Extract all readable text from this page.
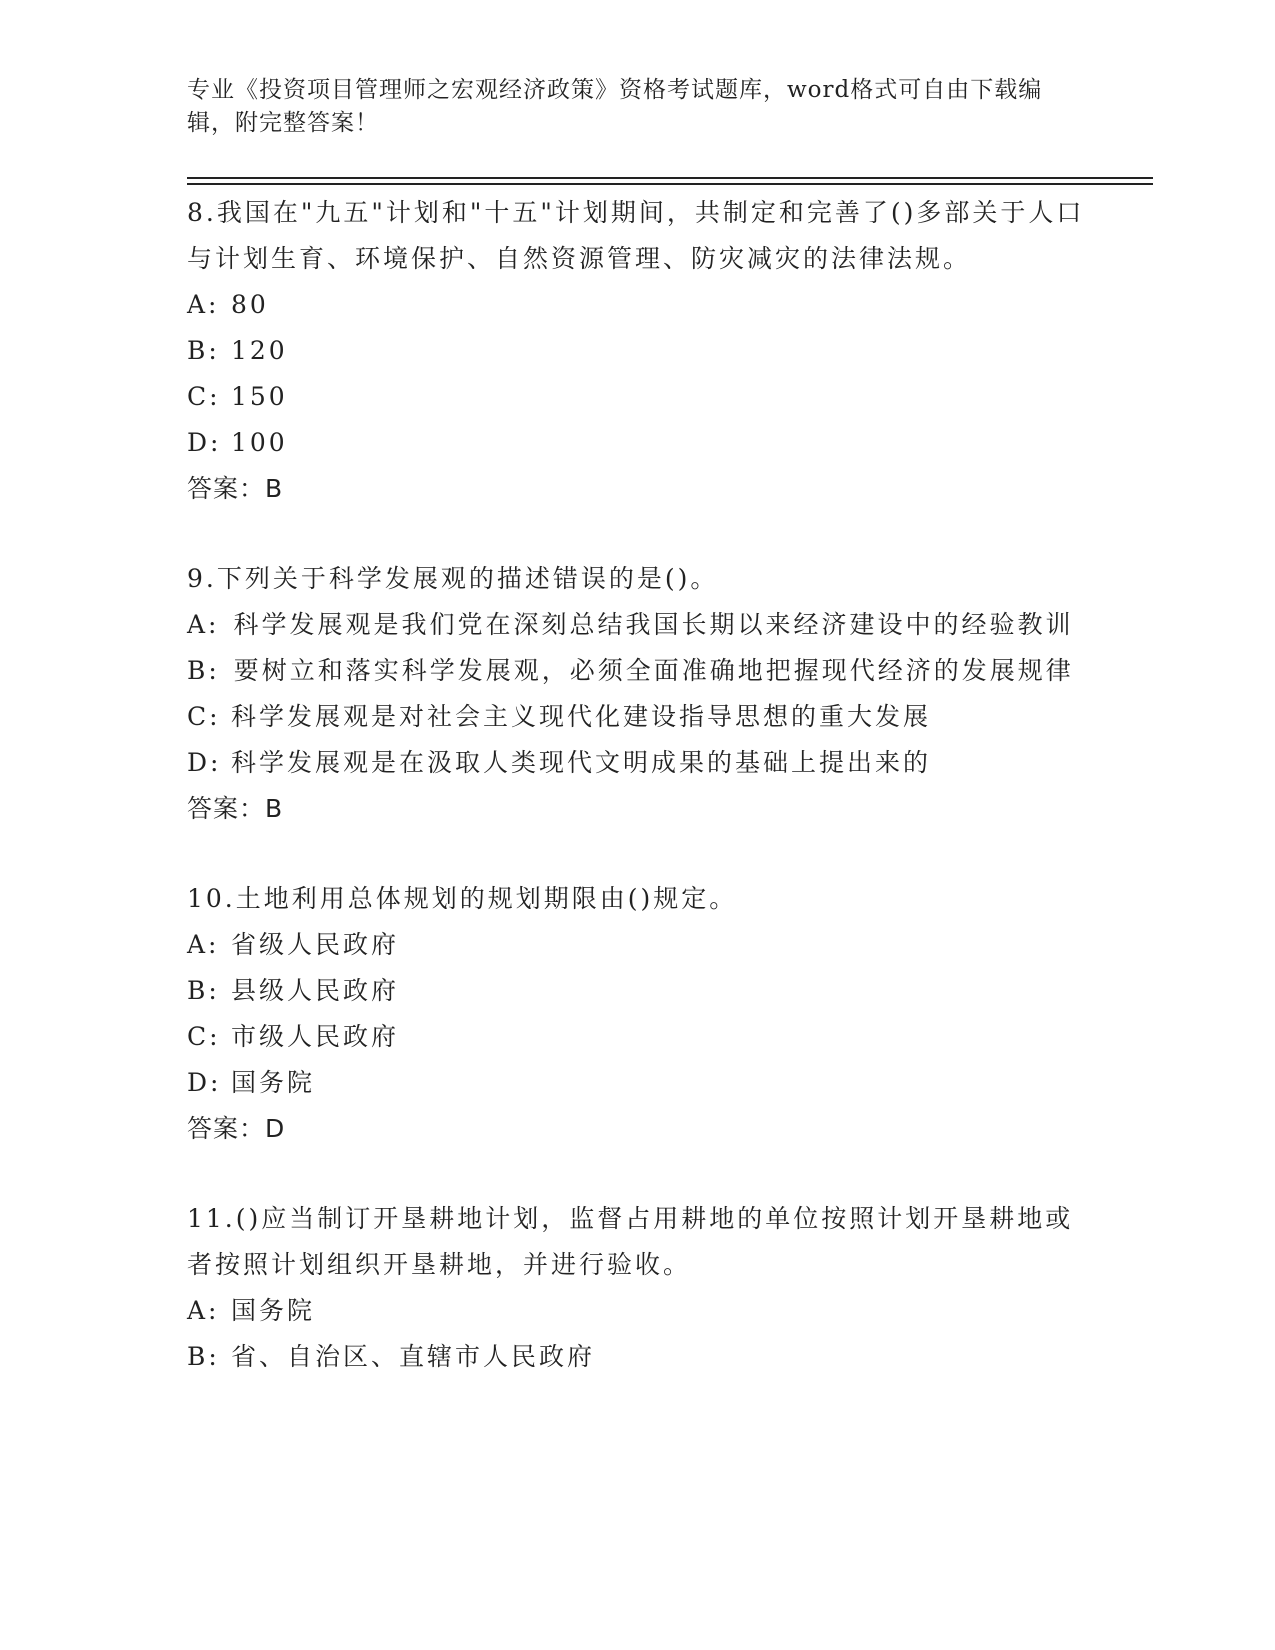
专业《投资项目管理师之宏观经济政策》资格考试题库，word格式可自由下载编辑，附完整答案！

8.我国在"九五"计划和"十五"计划期间，共制定和完善了()多部关于人口与计划生育、环境保护、自然资源管理、防灾减灾的法律法规。

A: 80
B: 120
C: 150
D: 100

答案：B

9.下列关于科学发展观的描述错误的是()。

A: 科学发展观是我们党在深刻总结我国长期以来经济建设中的经验教训
B: 要树立和落实科学发展观，必须全面准确地把握现代经济的发展规律
C: 科学发展观是对社会主义现代化建设指导思想的重大发展
D: 科学发展观是在汲取人类现代文明成果的基础上提出来的

答案：B

10.土地利用总体规划的规划期限由()规定。

A: 省级人民政府
B: 县级人民政府
C: 市级人民政府
D: 国务院

答案：D

11.()应当制订开垦耕地计划，监督占用耕地的单位按照计划开垦耕地或者按照计划组织开垦耕地，并进行验收。

A: 国务院
B: 省、自治区、直辖市人民政府
